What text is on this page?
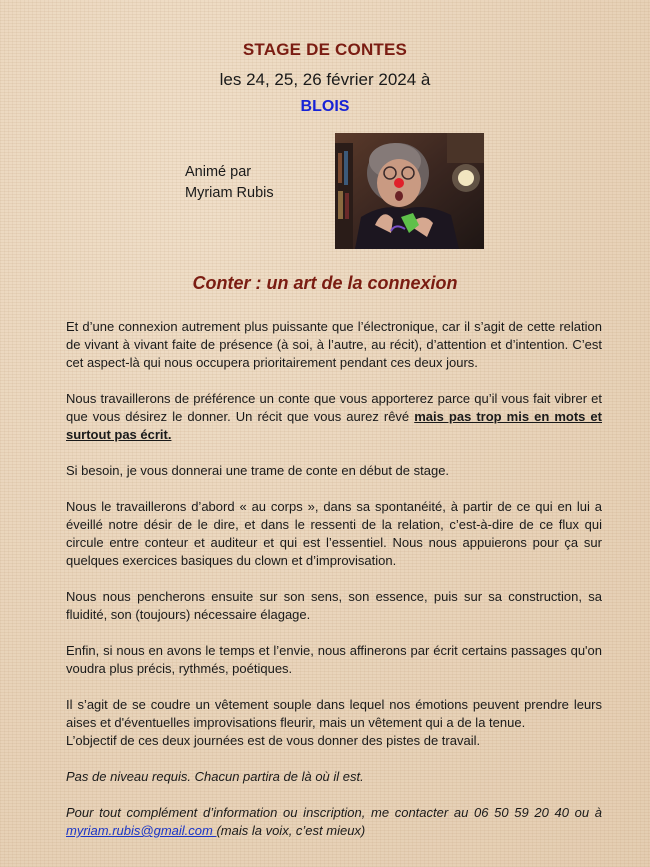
STAGE DE CONTES
les 24, 25, 26 février 2024 à
BLOIS
Animé par
Myriam Rubis
Conter : un art de la connexion

Et d’une connexion autrement plus puissante que l’électronique, car il s’agit de cette relation de vivant à vivant faite de présence (à soi, à l’autre, au récit), d’attention et d’intention. C’est cet aspect-là qui nous occupera prioritairement pendant ces deux jours.

Nous travaillerons de préférence un conte que vous apporterez parce qu’il vous fait vibrer et que vous désirez le donner. Un récit que vous aurez rêvé mais pas trop mis en mots et surtout pas écrit.

Si besoin, je vous donnerai une trame de conte en début de stage.

Nous le travaillerons d’abord « au corps », dans sa spontanéité, à partir de ce qui en lui a éveillé notre désir de le dire, et dans le ressenti de la relation, c’est-à-dire de ce flux qui circule entre conteur et auditeur et qui est l’essentiel. Nous nous appuierons pour ça sur quelques exercices basiques du clown et d’improvisation.

Nous nous pencherons ensuite sur son sens, son essence, puis sur sa construction, sa fluidité, son (toujours) nécessaire élagage.

Enfin, si nous en avons le temps et l’envie, nous affinerons par écrit certains passages qu'on voudra plus précis, rythmés, poétiques.

Il s’agit de se coudre un vêtement souple dans lequel nos émotions peuvent prendre leurs aises et d'éventuelles improvisations fleurir, mais un vêtement qui a de la tenue.

L’objectif de ces deux journées est de vous donner des pistes de travail.

Pas de niveau requis. Chacun partira de là où il est.

Pour tout complément d’information ou inscription, me contacter au 06 50 59 20 40 ou à myriam.rubis@gmail.com (mais la voix, c’est mieux)
